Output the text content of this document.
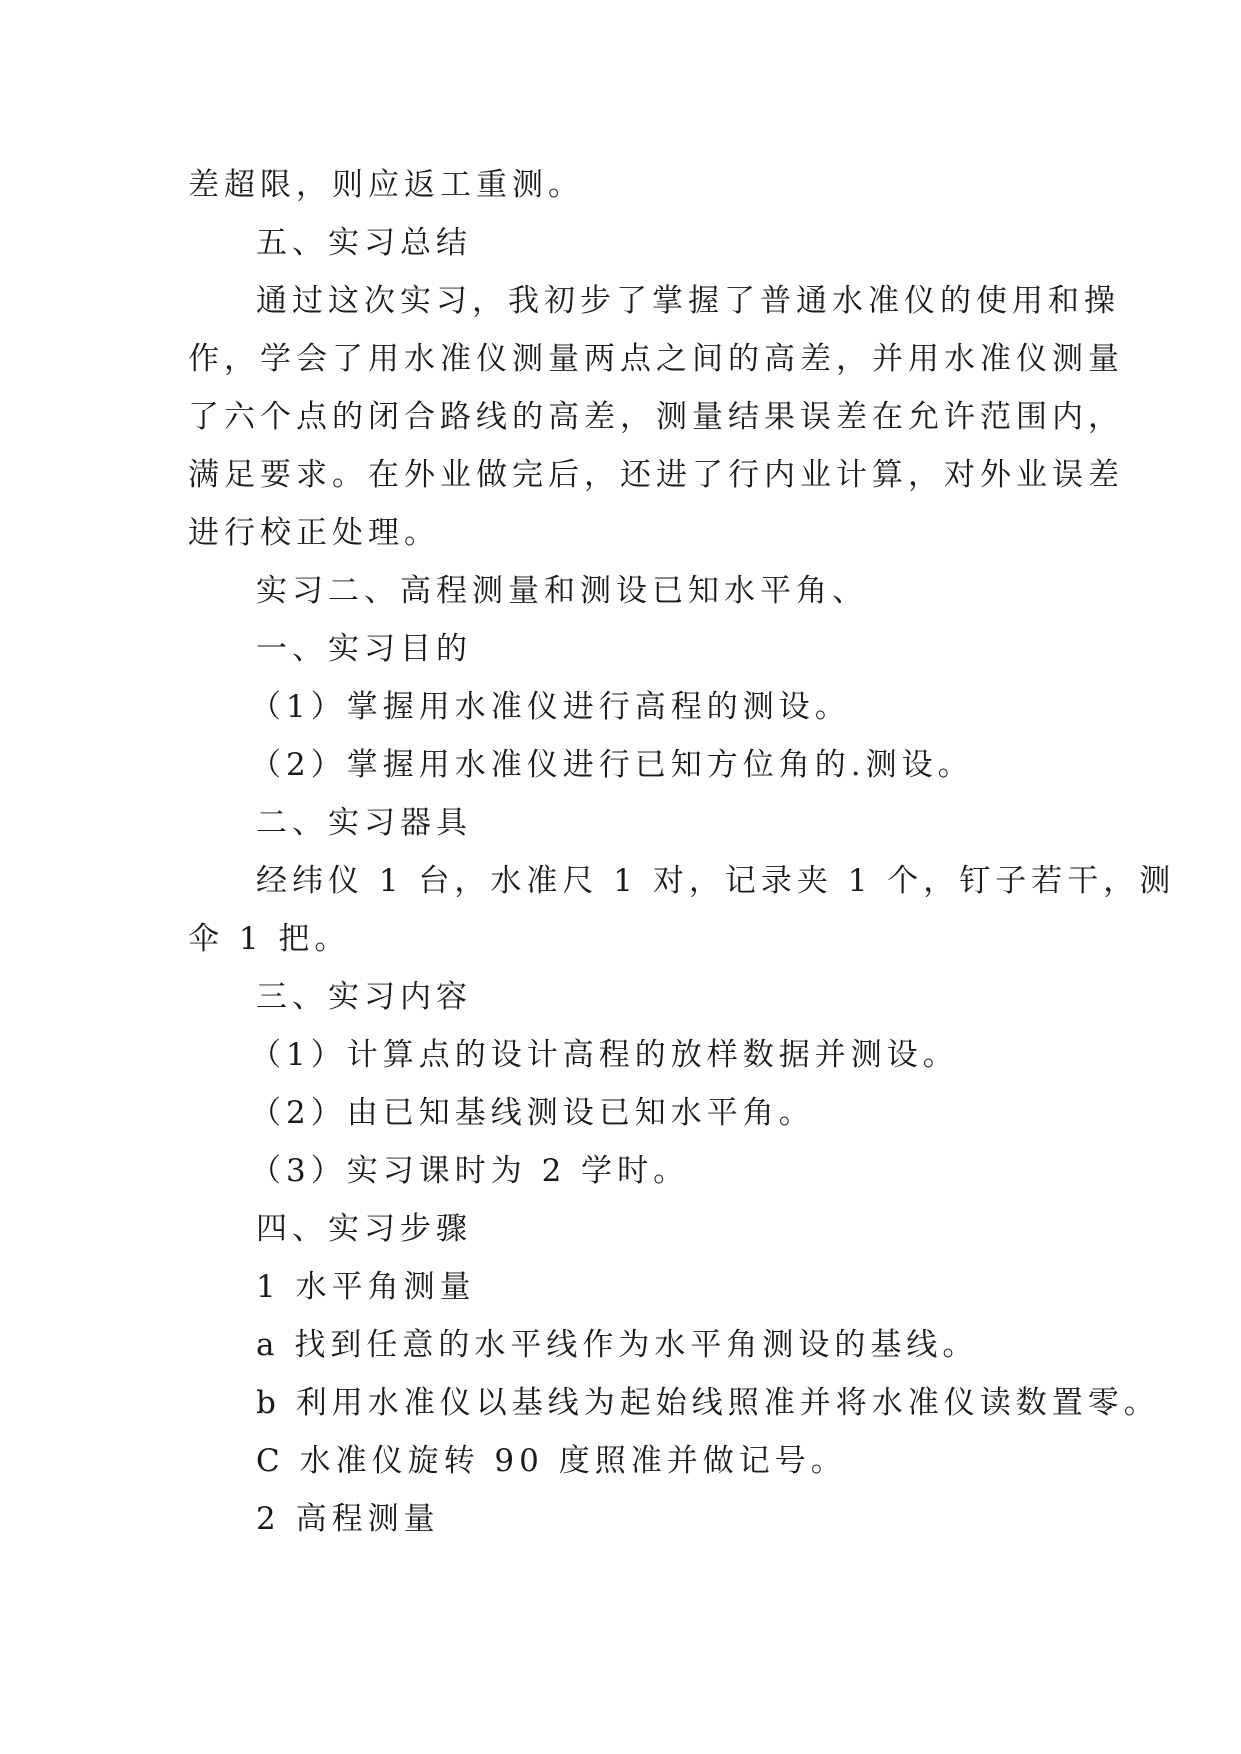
差超限，则应返工重测。

五、实习总结

通过这次实习，我初步了掌握了普通水准仪的使用和操

作，学会了用水准仪测量两点之间的高差，并用水准仪测量

了六个点的闭合路线的高差，测量结果误差在允许范围内，

满足要求。在外业做完后，还进了行内业计算，对外业误差

进行校正处理。

实习二、高程测量和测设已知水平角、

一、实习目的

（1）掌握用水准仪进行高程的测设。

（2）掌握用水准仪进行已知方位角的.测设。

二、实习器具

经纬仪 1 台，水准尺 1 对，记录夹 1 个，钉子若干，测

伞 1 把。

三、实习内容

（1）计算点的设计高程的放样数据并测设。

（2）由已知基线测设已知水平角。

（3）实习课时为 2 学时。

四、实习步骤

1 水平角测量

a 找到任意的水平线作为水平角测设的基线。

b 利用水准仪以基线为起始线照准并将水准仪读数置零。

C 水准仪旋转 90 度照准并做记号。

2 高程测量
